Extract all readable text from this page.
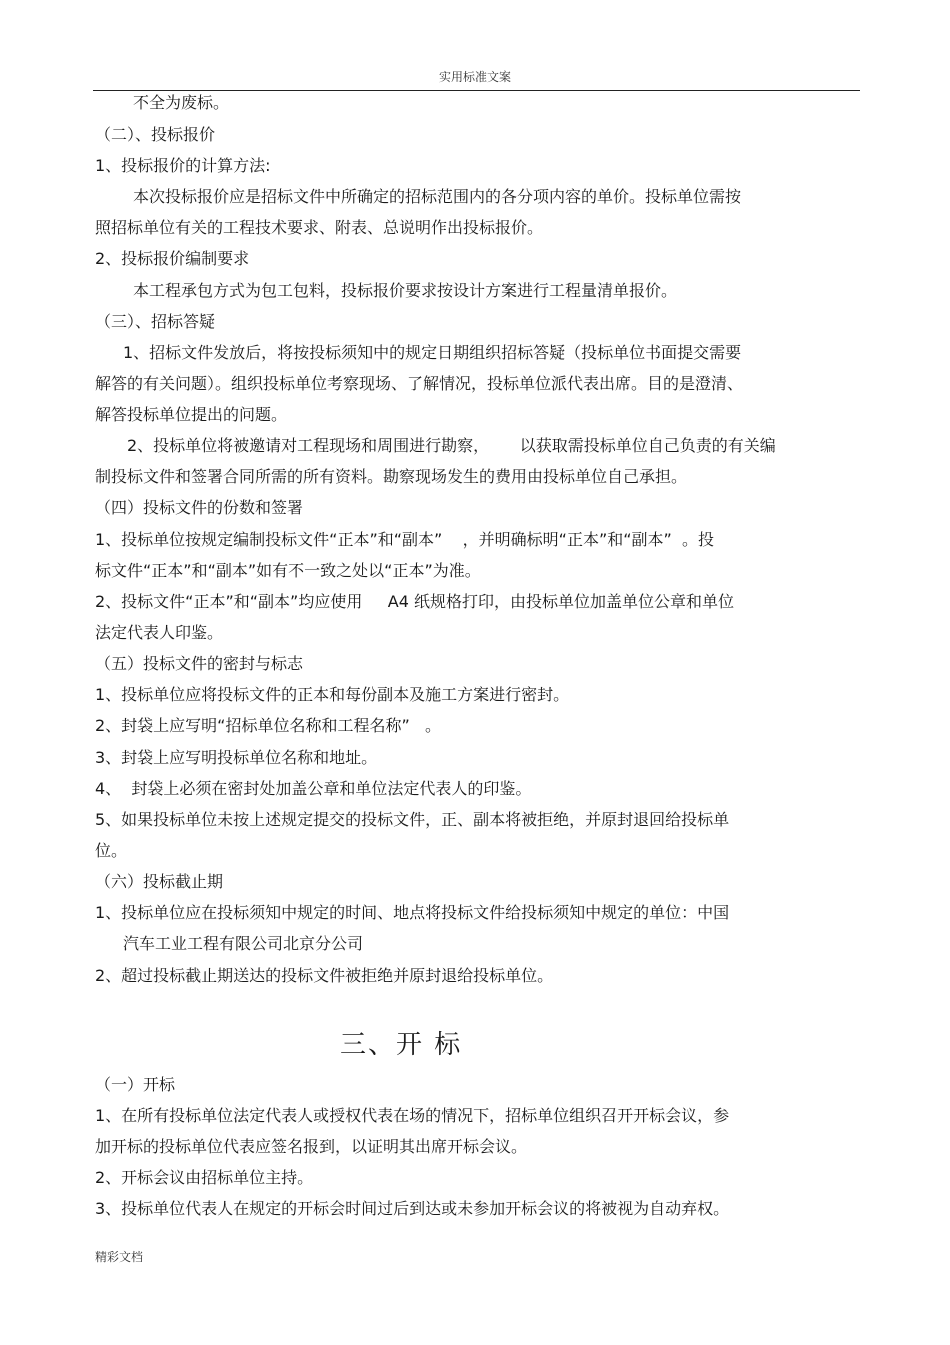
实用标准文案
不全为废标。
（二）、投标报价
1、投标报价的计算方法:
本次投标报价应是招标文件中所确定的招标范围内的各分项内容的单价。投标单位需按
照招标单位有关的工程技术要求、附表、总说明作出投标报价。
2、投标报价编制要求
本工程承包方式为包工包料，投标报价要求按设计方案进行工程量清单报价。
（三）、招标答疑
1、招标文件发放后，将按投标须知中的规定日期组织招标答疑（投标单位书面提交需要
解答的有关问题）。组织投标单位考察现场、了解情况，投标单位派代表出席。目的是澄清、
解答投标单位提出的问题。
2、投标单位将被邀请对工程现场和周围进行勘察，      以获取需投标单位自己负责的有关编
制投标文件和签署合同所需的所有资料。勘察现场发生的费用由投标单位自己承担。
（四）投标文件的份数和签署
1、投标单位按规定编制投标文件“正本”和“副本”    ，并明确标明“正本”和“副本”  。投
标文件“正本”和“副本”如有不一致之处以“正本”为准。
2、投标文件“正本”和“副本”均应使用     A4 纸规格打印，由投标单位加盖单位公章和单位
法定代表人印鉴。
（五）投标文件的密封与标志
1、投标单位应将投标文件的正本和每份副本及施工方案进行密封。
2、封袋上应写明“招标单位名称和工程名称”   。
3、封袋上应写明投标单位名称和地址。
4、  封袋上必须在密封处加盖公章和单位法定代表人的印鉴。
5、如果投标单位未按上述规定提交的投标文件，正、副本将被拒绝，并原封退回给投标单
位。
（六）投标截止期
1、投标单位应在投标须知中规定的时间、地点将投标文件给投标须知中规定的单位：中国
汽车工业工程有限公司北京分公司
2、超过投标截止期送达的投标文件被拒绝并原封退给投标单位。
三、开 标
（一）开标
1、在所有投标单位法定代表人或授权代表在场的情况下，招标单位组织召开开标会议，参
加开标的投标单位代表应签名报到，以证明其出席开标会议。
2、开标会议由招标单位主持。
3、投标单位代表人在规定的开标会时间过后到达或未参加开标会议的将被视为自动弃权。
精彩文档
